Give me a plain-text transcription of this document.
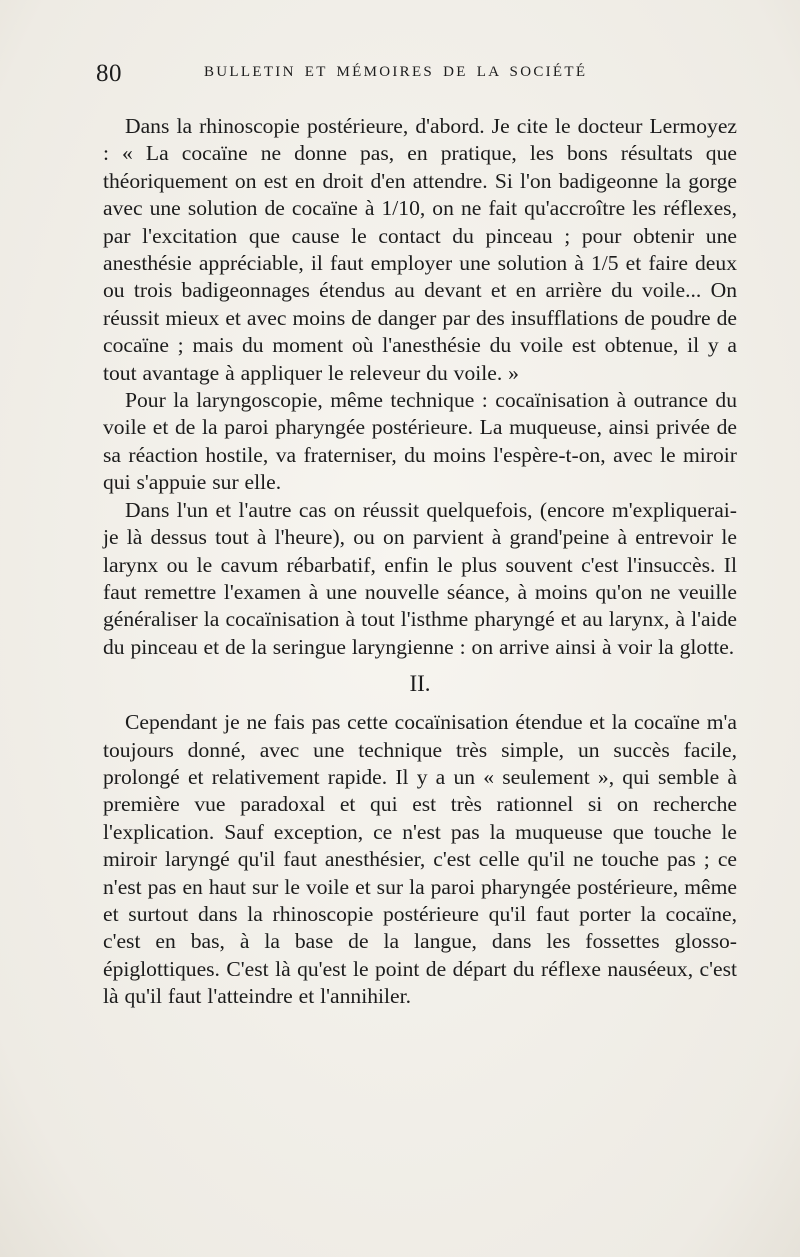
80	BULLETIN ET MÉMOIRES DE LA SOCIÉTÉ

Dans la rhinoscopie postérieure, d'abord. Je cite le docteur Lermoyez : « La cocaïne ne donne pas, en pratique, les bons résultats que théoriquement on est en droit d'en attendre. Si l'on badigeonne la gorge avec une solution de cocaïne à 1/10, on ne fait qu'accroître les réflexes, par l'excitation que cause le contact du pinceau ; pour obtenir une anesthésie appréciable, il faut employer une solution à 1/5 et faire deux ou trois badigeonnages étendus au devant et en arrière du voile... On réussit mieux et avec moins de danger par des insufflations de poudre de cocaïne ; mais du moment où l'anesthésie du voile est obtenue, il y a tout avantage à appliquer le releveur du voile. »

Pour la laryngoscopie, même technique : cocaïnisation à outrance du voile et de la paroi pharyngée postérieure. La muqueuse, ainsi privée de sa réaction hostile, va fraterniser, du moins l'espère-t-on, avec le miroir qui s'appuie sur elle.

Dans l'un et l'autre cas on réussit quelquefois, (encore m'expliquerai-je là dessus tout à l'heure), ou on parvient à grand'peine à entrevoir le larynx ou le cavum rébarbatif, enfin le plus souvent c'est l'insuccès. Il faut remettre l'examen à une nouvelle séance, à moins qu'on ne veuille généraliser la cocaïnisation à tout l'isthme pharyngé et au larynx, à l'aide du pinceau et de la seringue laryngienne : on arrive ainsi à voir la glotte.

II.

Cependant je ne fais pas cette cocaïnisation étendue et la cocaïne m'a toujours donné, avec une technique très simple, un succès facile, prolongé et relativement rapide. Il y a un « seulement », qui semble à première vue paradoxal et qui est très rationnel si on recherche l'explication. Sauf exception, ce n'est pas la muqueuse que touche le miroir laryngé qu'il faut anesthésier, c'est celle qu'il ne touche pas ; ce n'est pas en haut sur le voile et sur la paroi pharyngée postérieure, même et surtout dans la rhinoscopie postérieure qu'il faut porter la cocaïne, c'est en bas, à la base de la langue, dans les fossettes glosso-épiglottiques. C'est là qu'est le point de départ du réflexe nauséeux, c'est là qu'il faut l'atteindre et l'annihiler.
